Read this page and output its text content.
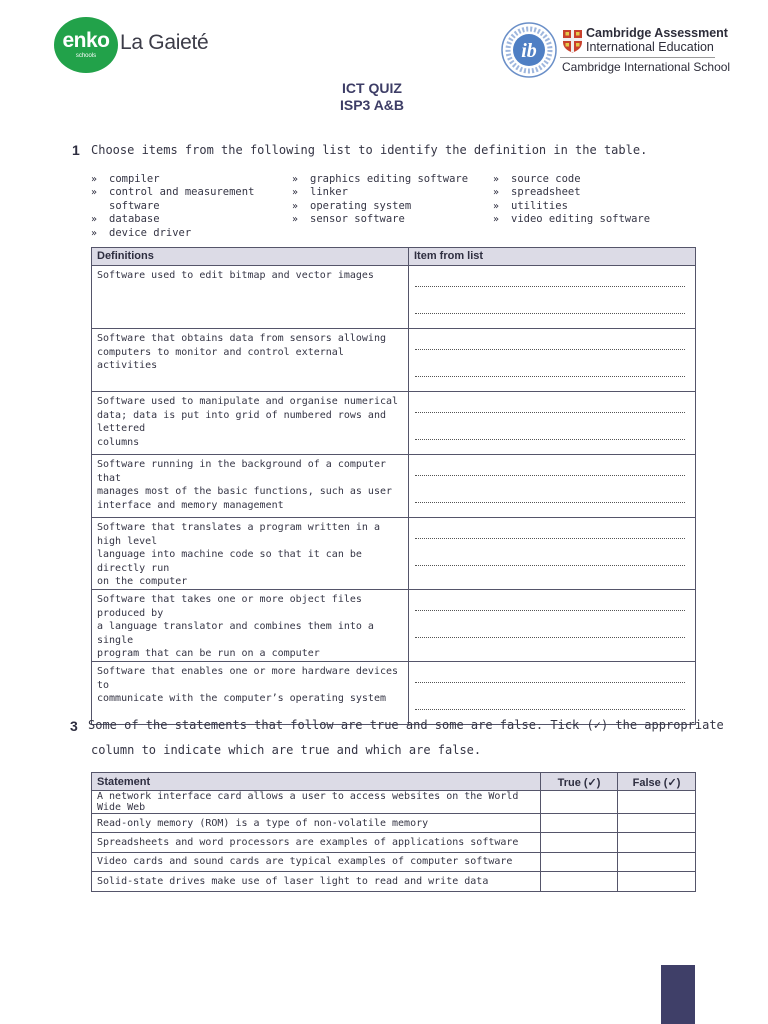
enko
schools
La Gaieté	ib
Cambridge Assessment
International Education
Cambridge International School
ICT QUIZ
ISP3 A&B
1 Choose items from the following list to identify the definition in the table.
» compiler
» control and measurement
software
» database
» device driver
» graphics editing software
» linker
» operating system
» sensor software
» source code
» spreadsheet
» utilities
» video editing software
Definitions	Item from list

Software used to edit bitmap and vector images	

Software that obtains data from sensors allowing
computers to monitor and control external activities	

Software used to manipulate and organise numerical
data; data is put into grid of numbered rows and lettered
columns	

Software running in the background of a computer that
manages most of the basic functions, such as user
interface and memory management	

Software that translates a program written in a high level
language into machine code so that it can be directly run
on the computer	

Software that takes one or more object files produced by
a language translator and combines them into a single
program that can be run on a computer	

Software that enables one or more hardware devices to
communicate with the computer’s operating system	

3 Some of the statements that follow are true and some are false. Tick (✓) the appropriate
column to indicate which are true and which are false.
Statement	True (✓)	False (✓)
A network interface card allows a user to access websites on the World Wide Web		
Read-only memory (ROM) is a type of non-volatile memory		
Spreadsheets and word processors are examples of applications software		
Video cards and sound cards are typical examples of computer software		
Solid-state drives make use of laser light to read and write data		
